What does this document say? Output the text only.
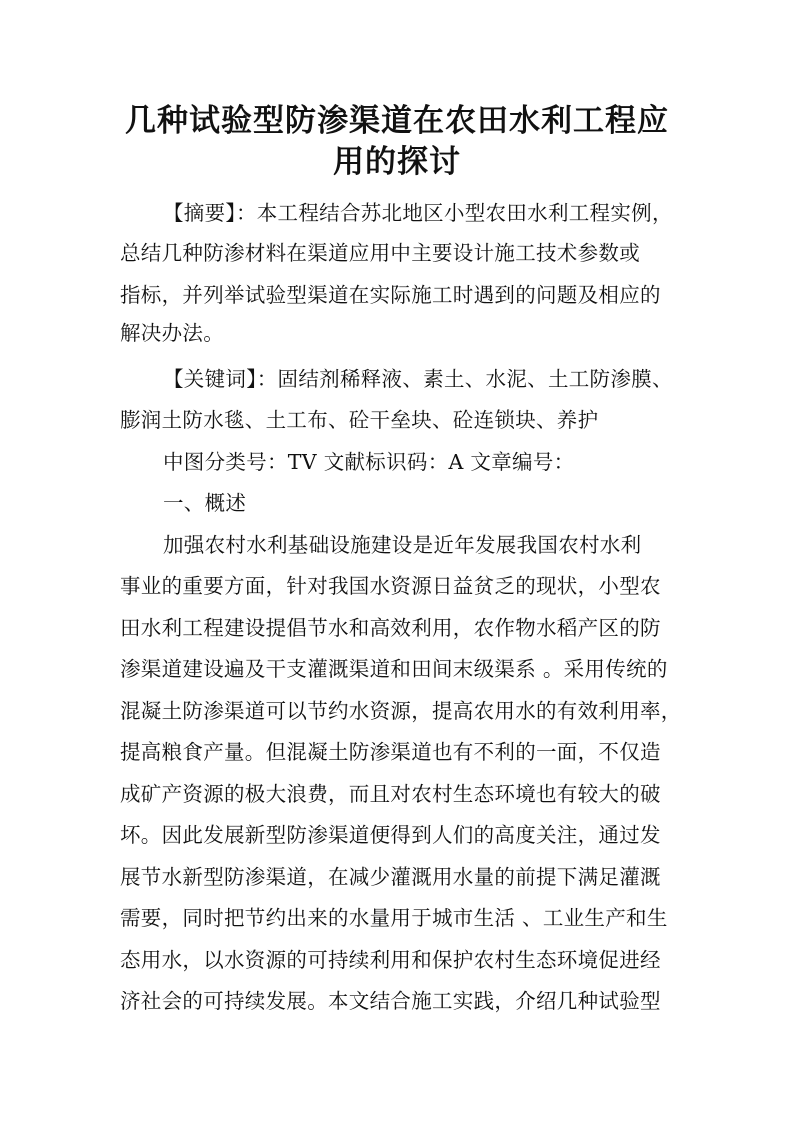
几种试验型防渗渠道在农田水利工程应
用的探讨
【摘要】：本工程结合苏北地区小型农田水利工程实例，
总结几种防渗材料在渠道应用中主要设计施工技术参数或
指标，并列举试验型渠道在实际施工时遇到的问题及相应的
解决办法。
【关键词】：固结剂稀释液、素土、水泥、土工防渗膜、
膨润土防水毯、土工布、砼干垒块、砼连锁块、养护
中图分类号：TV 文献标识码：A 文章编号：
一、概述
加强农村水利基础设施建设是近年发展我国农村水利
事业的重要方面，针对我国水资源日益贫乏的现状，小型农
田水利工程建设提倡节水和高效利用，农作物水稻产区的防
渗渠道建设遍及干支灌溉渠道和田间末级渠系 。采用传统的
混凝土防渗渠道可以节约水资源，提高农用水的有效利用率，
提高粮食产量。但混凝土防渗渠道也有不利的一面，不仅造
成矿产资源的极大浪费，而且对农村生态环境也有较大的破
坏。因此发展新型防渗渠道便得到人们的高度关注，通过发
展节水新型防渗渠道，在减少灌溉用水量的前提下满足灌溉
需要，同时把节约出来的水量用于城市生活 、工业生产和生
态用水，以水资源的可持续利用和保护农村生态环境促进经
济社会的可持续发展。本文结合施工实践，介绍几种试验型
